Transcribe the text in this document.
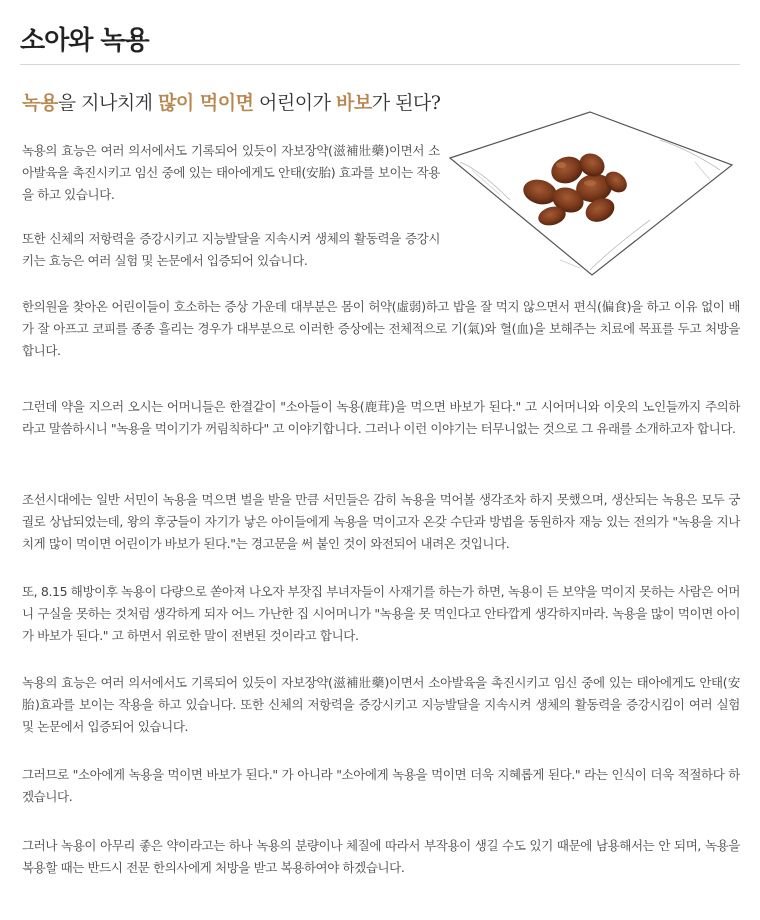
소아와 녹용
녹용을 지나치게 많이 먹이면 어린이가 바보가 된다?

녹용의 효능은 여러 의서에서도 기록되어 있듯이 자보장약(滋補壯藥)이면서 소아발육을 촉진시키고 임신 중에 있는 태아에게도 안태(安胎) 효과를 보이는 작용을 하고 있습니다.

또한 신체의 저항력을 증강시키고 지능발달을 지속시켜 생체의 활동력을 증강시키는 효능은 여러 실험 및 논문에서 입증되어 있습니다.

한의원을 찾아온 어린이들이 호소하는 증상 가운데 대부분은 몸이 허약(虛弱)하고 밥을 잘 먹지 않으면서 편식(偏食)을 하고 이유 없이 배가 잘 아프고 코피를 종종 흘리는 경우가 대부분으로 이러한 증상에는 전체적으로 기(氣)와 혈(血)을 보해주는 치료에 목표를 두고 처방을 합니다.

그런데 약을 지으러 오시는 어머니들은 한결같이 "소아들이 녹용(鹿茸)을 먹으면 바보가 된다." 고 시어머니와 이웃의 노인들까지 주의하라고 말씀하시니 "녹용을 먹이기가 꺼림칙하다" 고 이야기합니다. 그러나 이런 이야기는 터무니없는 것으로 그 유래를 소개하고자 합니다.

조선시대에는 일반 서민이 녹용을 먹으면 벌을 받을 만큼 서민들은 감히 녹용을 먹어볼 생각조차 하지 못했으며, 생산되는 녹용은 모두 궁궐로 상납되었는데, 왕의 후궁들이 자기가 낳은 아이들에게 녹용을 먹이고자 온갖 수단과 방법을 동원하자 재능 있는 전의가 "녹용을 지나치게 많이 먹이면 어린이가 바보가 된다."는 경고문을 써 붙인 것이 와전되어 내려온 것입니다.

또, 8.15 해방이후 녹용이 다량으로 쏟아져 나오자 부잣집 부녀자들이 사재기를 하는가 하면, 녹용이 든 보약을 먹이지 못하는 사람은 어머니 구실을 못하는 것처럼 생각하게 되자 어느 가난한 집 시어머니가 "녹용을 못 먹인다고 안타깝게 생각하지마라. 녹용을 많이 먹이면 아이가 바보가 된다." 고 하면서 위로한 말이 전변된 것이라고 합니다.

녹용의 효능은 여러 의서에서도 기록되어 있듯이 자보장약(滋補壯藥)이면서 소아발육을 촉진시키고 임신 중에 있는 태아에게도 안태(安胎)효과를 보이는 작용을 하고 있습니다. 또한 신체의 저항력을 증강시키고 지능발달을 지속시켜 생체의 활동력을 증강시킴이 여러 실험 및 논문에서 입증되어 있습니다.

그러므로 "소아에게 녹용을 먹이면 바보가 된다." 가 아니라 "소아에게 녹용을 먹이면 더욱 지혜롭게 된다." 라는 인식이 더욱 적절하다 하겠습니다.

그러나 녹용이 아무리 좋은 약이라고는 하나 녹용의 분량이나 체질에 따라서 부작용이 생길 수도 있기 때문에 남용해서는 안 되며, 녹용을 복용할 때는 반드시 전문 한의사에게 처방을 받고 복용하여야 하겠습니다.
